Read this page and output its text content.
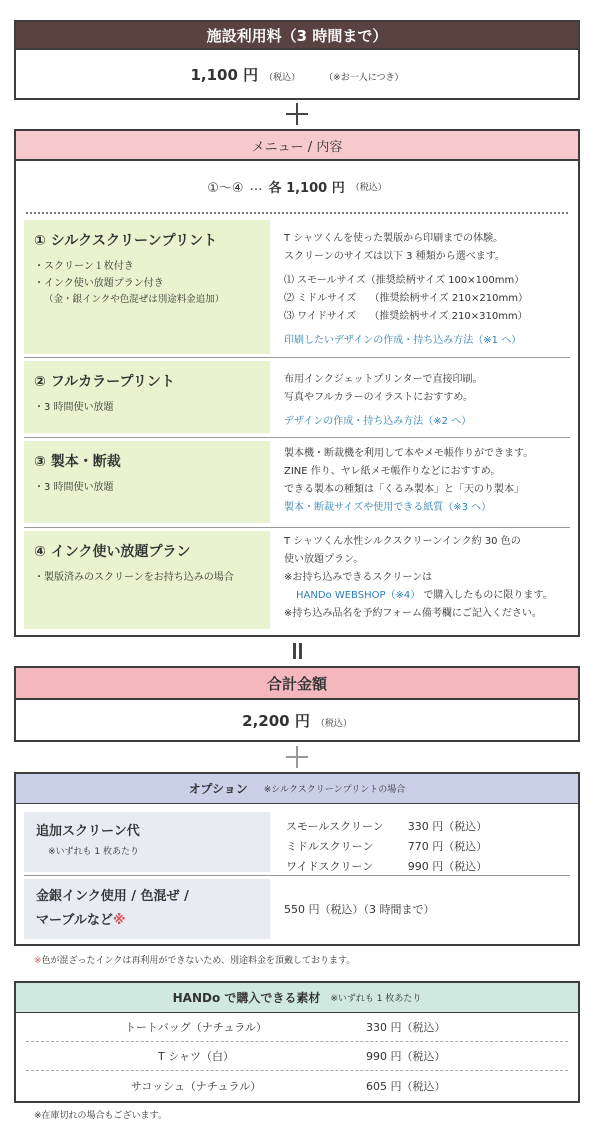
施設利用料（3 時間まで）
1,100 円 （税込）	（※お一人につき）
メニュー / 内容
①～④ … 各 1,100 円 （税込）
① シルクスクリーンプリント
・スクリーン１枚付き
・インク使い放題プラン付き
（金・銀インクや色混ぜは別途料金追加）
T シャツくんを使った製版から印刷までの体験。
スクリーンのサイズは以下 3 種類から選べます。
⑴ スモールサイズ（推奨絵柄サイズ 100×100mm）
⑵ ミドルサイズ　 （推奨絵柄サイズ 210×210mm）
⑶ ワイドサイズ　 （推奨絵柄サイズ 210×310mm）
印刷したいデザインの作成・持ち込み方法（※1 へ）
② フルカラープリント
・3 時間使い放題
布用インクジェットプリンターで直接印刷。
写真やフルカラーのイラストにおすすめ。
デザインの作成・持ち込み方法（※2 へ）
③ 製本・断裁
・3 時間使い放題
製本機・断裁機を利用して本やメモ帳作りができます。
ZINE 作り、ヤレ紙メモ帳作りなどにおすすめ。
できる製本の種類は「くるみ製本」と「天のり製本」
製本・断裁サイズや使用できる紙質（※3 へ）
④ インク使い放題プラン
・製版済みのスクリーンをお持ち込みの場合
T シャツくん水性シルクスクリーンインク約 30 色の
使い放題プラン。
※お持ち込みできるスクリーンは
HANDo WEBSHOP（※4） で購入したものに限ります。
※持ち込み品名を予約フォーム備考欄にご記入ください。
合計金額
2,200 円 （税込）
オプション ※シルクスクリーンプリントの場合
追加スクリーン代
※いずれも 1 枚あたり
スモールスクリーン	330 円（税込）
ミドルスクリーン	770 円（税込）
ワイドスクリーン	990 円（税込）
金銀インク使用 / 色混ぜ /
マーブルなど※
550 円（税込）（3 時間まで）
※色が混ざったインクは再利用ができないため、別途料金を頂戴しております。
HANDo で購入できる素材 ※いずれも 1 枚あたり
トートバッグ（ナチュラル）	330 円（税込）
T シャツ（白）	990 円（税込）
サコッシュ（ナチュラル）	605 円（税込）
※在庫切れの場合もございます。
